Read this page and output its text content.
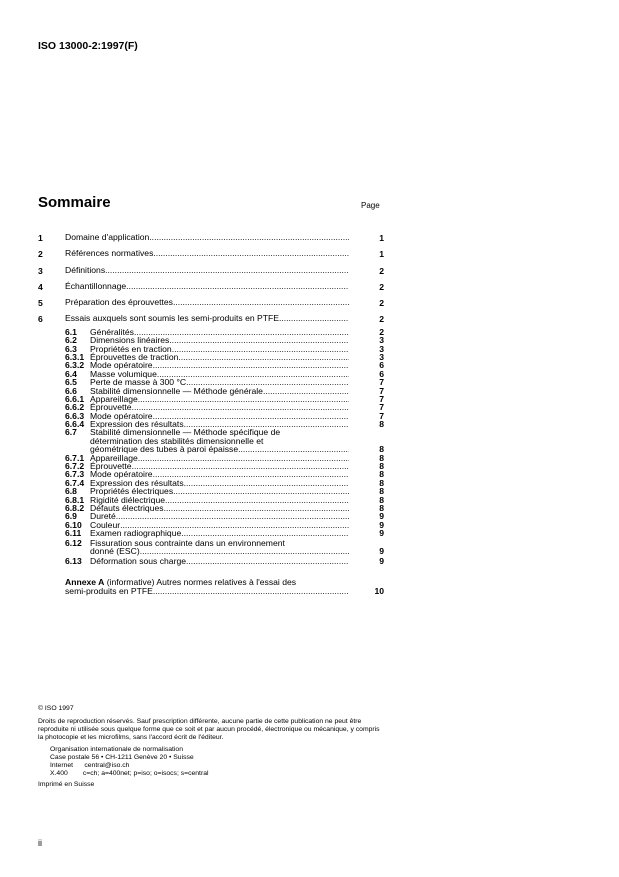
ISO 13000-2:1997(F)
Sommaire	Page
1	Domaine d'application .....	1
2	Références normatives .....	1
3	Définitions .....	2
4	Échantillonnage .....	2
5	Préparation des éprouvettes .....	2
6	Essais auxquels sont soumis les semi-produits en PTFE .....	2
6.1 Généralités .....	2
6.2 Dimensions linéaires .....	3
6.3 Propriétés en traction .....	3
6.3.1 Éprouvettes de traction .....	3
6.3.2 Mode opératoire .....	6
6.4 Masse volumique .....	6
6.5 Perte de masse à 300 °C .....	7
6.6 Stabilité dimensionnelle — Méthode générale .....	7
6.6.1 Appareillage .....	7
6.6.2 Éprouvette .....	7
6.6.3 Mode opératoire .....	7
6.6.4 Expression des résultats .....	8
6.7 Stabilité dimensionnelle — Méthode spécifique de
détermination des stabilités dimensionnelle et
géométrique des tubes à paroi épaisse .....	8
6.7.1 Appareillage .....	8
6.7.2 Éprouvette .....	8
6.7.3 Mode opératoire .....	8
6.7.4 Expression des résultats .....	8
6.8 Propriétés électriques .....	8
6.8.1 Rigidité diélectrique .....	8
6.8.2 Défauts électriques .....	8
6.9 Dureté .....	9
6.10 Couleur .....	9
6.11 Examen radiographique .....	9
6.12 Fissuration sous contrainte dans un environnement
donné (ESC) .....	9
6.13 Déformation sous charge .....	9
Annexe A (informative) Autres normes relatives à l'essai des
semi-produits en PTFE .....	10

© ISO 1997

Droits de reproduction réservés. Sauf prescription différente, aucune partie de cette publication ne peut être reproduite ni utilisée sous quelque forme que ce soit et par aucun procédé, électronique ou mécanique, y compris la photocopie et les microfilms, sans l'accord écrit de l'éditeur.

Organisation internationale de normalisation

Case postale 56 • CH-1211 Genève 20 • Suisse

Internet      central@iso.ch

X.400        c=ch; a=400net; p=iso; o=isocs; s=central

Imprimé en Suisse

ii
